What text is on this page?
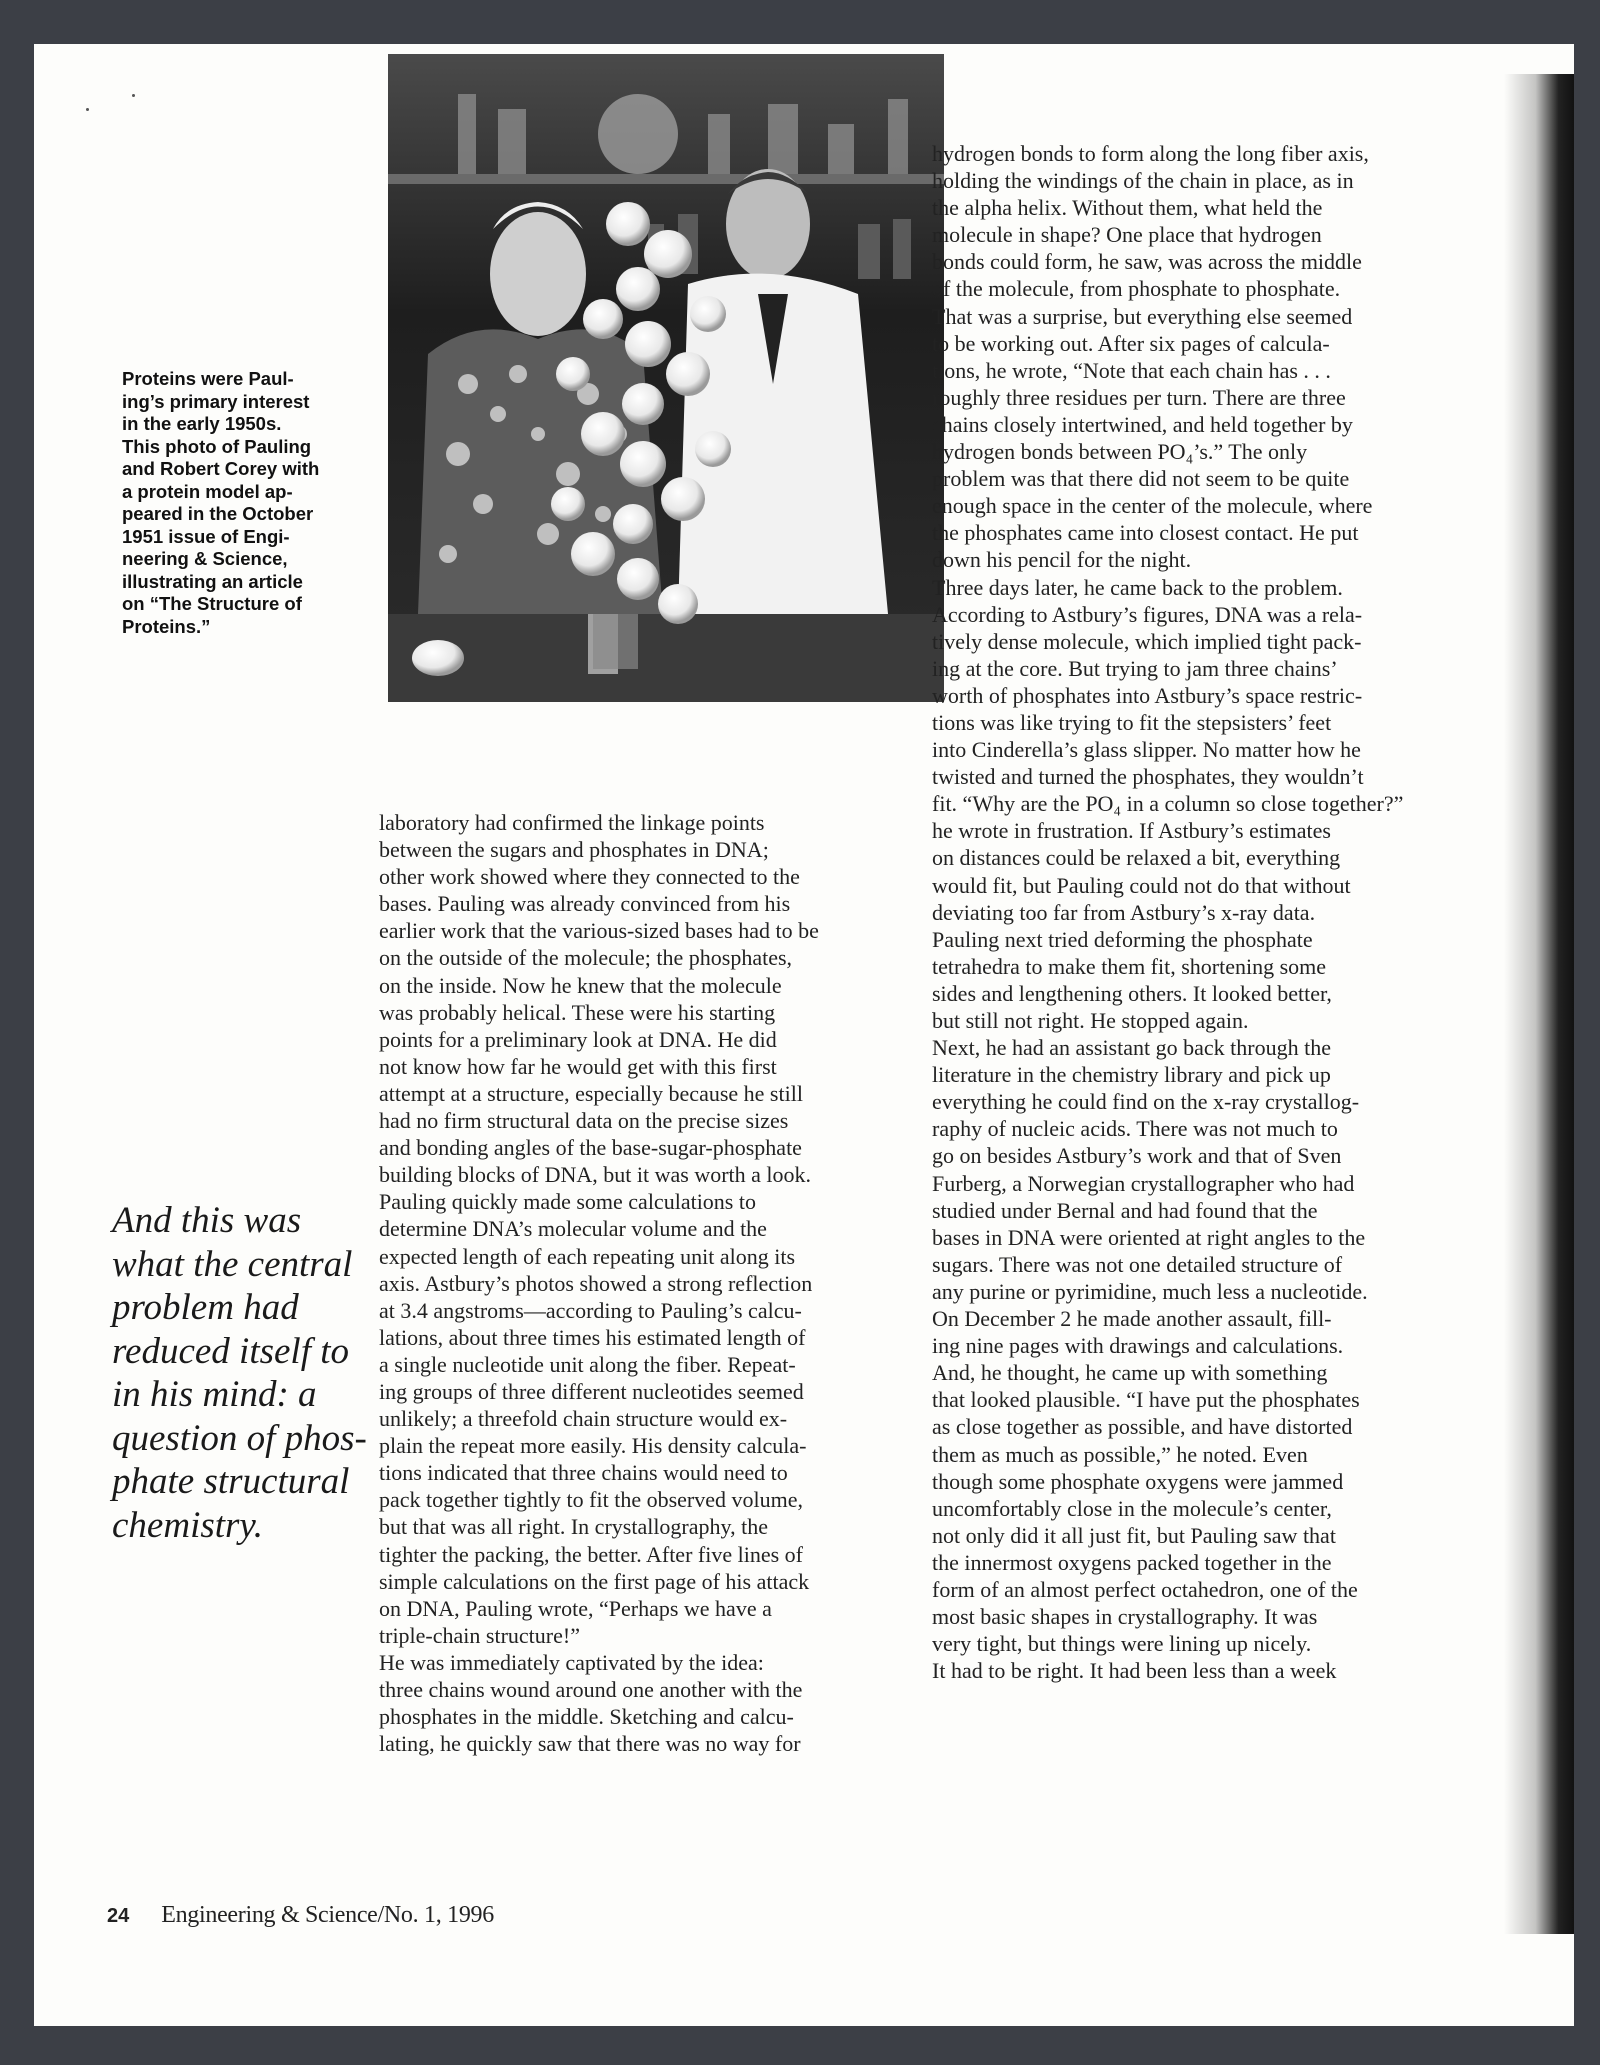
Proteins were Paul-
ing’s primary interest
in the early 1950s.
This photo of Pauling
and Robert Corey with
a protein model ap-
peared in the October
1951 issue of Engi-
neering & Science,
illustrating an article
on “The Structure of
Proteins.”
And this was
what the central
problem had
reduced itself to
in his mind: a
question of phos-
phate structural
chemistry.
laboratory had confirmed the linkage points
between the sugars and phosphates in DNA;
other work showed where they connected to the
bases. Pauling was already convinced from his
earlier work that the various-sized bases had to be
on the outside of the molecule; the phosphates,
on the inside. Now he knew that the molecule
was probably helical. These were his starting
points for a preliminary look at DNA. He did
not know how far he would get with this first
attempt at a structure, especially because he still
had no firm structural data on the precise sizes
and bonding angles of the base-sugar-phosphate
building blocks of DNA, but it was worth a look.
Pauling quickly made some calculations to
determine DNA’s molecular volume and the
expected length of each repeating unit along its
axis. Astbury’s photos showed a strong reflection
at 3.4 angstroms—according to Pauling’s calcu-
lations, about three times his estimated length of
a single nucleotide unit along the fiber. Repeat-
ing groups of three different nucleotides seemed
unlikely; a threefold chain structure would ex-
plain the repeat more easily. His density calcula-
tions indicated that three chains would need to
pack together tightly to fit the observed volume,
but that was all right. In crystallography, the
tighter the packing, the better. After five lines of
simple calculations on the first page of his attack
on DNA, Pauling wrote, “Perhaps we have a
triple-chain structure!”
He was immediately captivated by the idea:
three chains wound around one another with the
phosphates in the middle. Sketching and calcu-
lating, he quickly saw that there was no way for
hydrogen bonds to form along the long fiber axis,
holding the windings of the chain in place, as in
the alpha helix. Without them, what held the
molecule in shape? One place that hydrogen
bonds could form, he saw, was across the middle
of the molecule, from phosphate to phosphate.
That was a surprise, but everything else seemed
to be working out. After six pages of calcula-
tions, he wrote, “Note that each chain has . . .
roughly three residues per turn. There are three
chains closely intertwined, and held together by
hydrogen bonds between PO₄’s.” The only
problem was that there did not seem to be quite
enough space in the center of the molecule, where
the phosphates came into closest contact. He put
down his pencil for the night.
Three days later, he came back to the problem.
According to Astbury’s figures, DNA was a rela-
tively dense molecule, which implied tight pack-
ing at the core. But trying to jam three chains’
worth of phosphates into Astbury’s space restric-
tions was like trying to fit the stepsisters’ feet
into Cinderella’s glass slipper. No matter how he
twisted and turned the phosphates, they wouldn’t
fit. “Why are the PO₄ in a column so close together?”
he wrote in frustration. If Astbury’s estimates
on distances could be relaxed a bit, everything
would fit, but Pauling could not do that without
deviating too far from Astbury’s x-ray data.
Pauling next tried deforming the phosphate
tetrahedra to make them fit, shortening some
sides and lengthening others. It looked better,
but still not right. He stopped again.
Next, he had an assistant go back through the
literature in the chemistry library and pick up
everything he could find on the x-ray crystallog-
raphy of nucleic acids. There was not much to
go on besides Astbury’s work and that of Sven
Furberg, a Norwegian crystallographer who had
studied under Bernal and had found that the
bases in DNA were oriented at right angles to the
sugars. There was not one detailed structure of
any purine or pyrimidine, much less a nucleotide.
On December 2 he made another assault, fill-
ing nine pages with drawings and calculations.
And, he thought, he came up with something
that looked plausible. “I have put the phosphates
as close together as possible, and have distorted
them as much as possible,” he noted. Even
though some phosphate oxygens were jammed
uncomfortably close in the molecule’s center,
not only did it all just fit, but Pauling saw that
the innermost oxygens packed together in the
form of an almost perfect octahedron, one of the
most basic shapes in crystallography. It was
very tight, but things were lining up nicely.
It had to be right. It had been less than a week
24 Engineering & Science/No. 1, 1996
